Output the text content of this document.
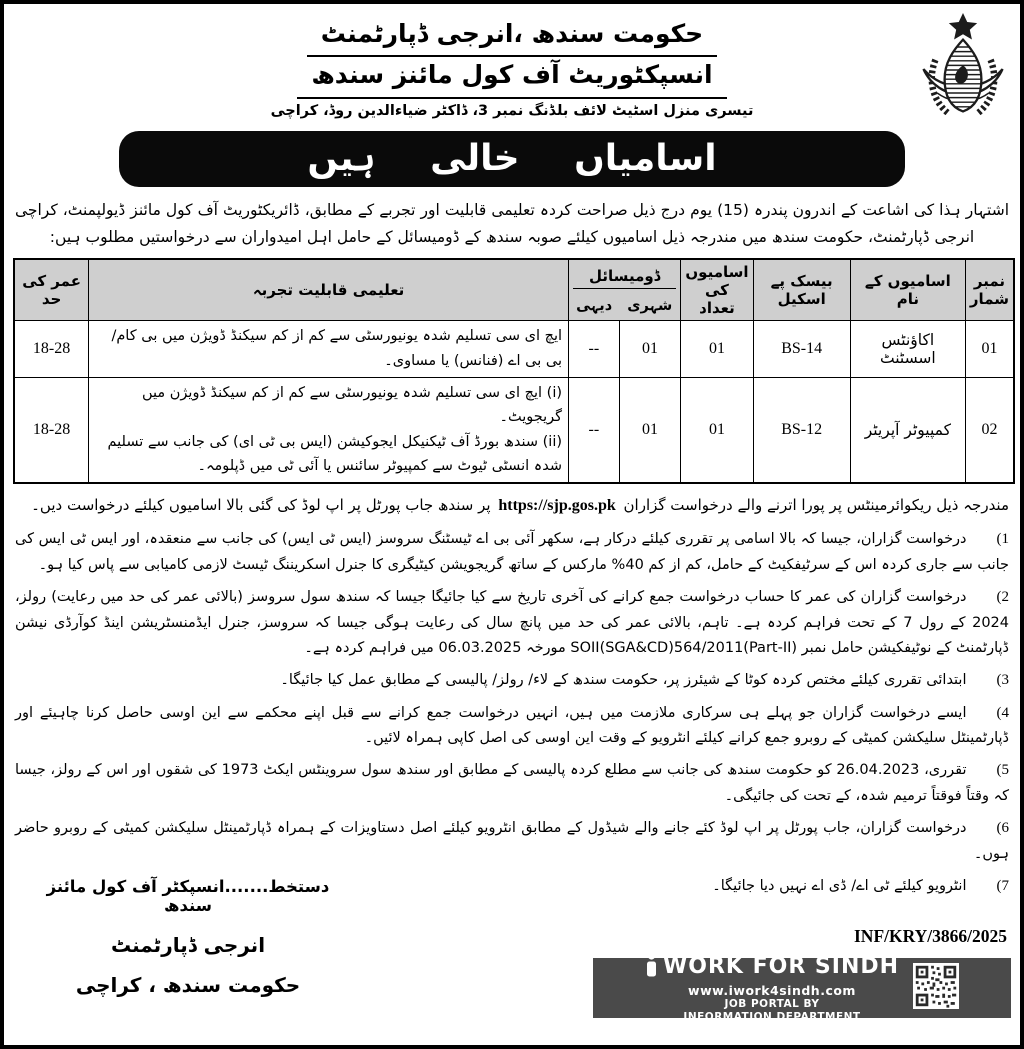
حکومت سندھ ،انرجی ڈپارٹمنٹ
انسپکٹوریٹ آف کول مائنز سندھ
تیسری منزل اسٹیٹ لائف بلڈنگ نمبر 3، ڈاکٹر ضیاءالدین روڈ، کراچی
اسامیاں خالی ہیں

اشتہار ہذا کی اشاعت کے اندرون پندرہ (15) یوم درج ذیل صراحت کردہ تعلیمی قابلیت اور تجربے کے مطابق، ڈائریکٹوریٹ آف کول مائنز ڈیولپمنٹ، کراچی انرجی ڈپارٹمنٹ، حکومت سندھ میں مندرجہ ذیل اسامیوں کیلئے صوبہ سندھ کے ڈومیسائل کے حامل اہل امیدواران سے درخواستیں مطلوب ہیں:

نمبر شمار	اسامیوں کے نام	بیسک پے اسکیل	اسامیوں کی تعداد	ڈومیسائل		تعلیمی قابلیت تجربہ	عمر کی حد
				شہری	دیہی		
01	اکاؤنٹس اسسٹنٹ	BS-14	01	01	--	ایچ ای سی تسلیم شدہ یونیورسٹی سے کم از کم سیکنڈ ڈویژن میں بی کام/ بی بی اے (فنانس) یا مساوی۔	18-28
02	کمپیوٹر آپریٹر	BS-12	01	01	--	(i) ایچ ای سی تسلیم شدہ یونیورسٹی سے کم از کم سیکنڈ ڈویژن میں گریجویٹ۔
(ii) سندھ بورڈ آف ٹیکنیکل ایجوکیشن (ایس بی ٹی ای) کی جانب سے تسلیم شدہ انسٹی ٹیوٹ سے کمپیوٹر سائنس یا آئی ٹی میں ڈپلومہ۔	18-28

مندرجہ ذیل ریکوائرمینٹس پر پورا اترنے والے درخواست گزاران https://sjp.gos.pk پر سندھ جاب پورٹل پر اپ لوڈ کی گئی بالا اسامیوں کیلئے درخواست دیں۔

(1درخواست گزاران، جیسا کہ بالا اسامی پر تقرری کیلئے درکار ہے، سکھر آئی بی اے ٹیسٹنگ سروسز (ایس ٹی ایس) کی جانب سے منعقدہ، اور ایس ٹی ایس کی جانب سے جاری کردہ اس کے سرٹیفکیٹ کے حامل، کم از کم 40% مارکس کے ساتھ گریجویشن کیٹیگری کا جنرل اسکریننگ ٹیسٹ لازمی کامیابی سے پاس کیا ہو۔

(2درخواست گزاران کی عمر کا حساب درخواست جمع کرانے کی آخری تاریخ سے کیا جائیگا جیسا کہ سندھ سول سروسز (بالائی عمر کی حد میں رعایت) رولز، 2024 کے رول 7 کے تحت فراہم کردہ ہے۔ تاہم، بالائی عمر کی حد میں پانچ سال کی رعایت ہوگی جیسا کہ سروسز، جنرل ایڈمنسٹریشن اینڈ کوآرڈی نیشن ڈپارٹمنٹ کے نوٹیفکیشن حامل نمبر ‎SOII(SGA&CD)564/2011(Part-II)‎ مورخہ 06.03.2025 میں فراہم کردہ ہے۔

(3ابتدائی تقرری کیلئے مختص کردہ کوٹا کے شیئرز پر، حکومت سندھ کے لاء/ رولز/ پالیسی کے مطابق عمل کیا جائیگا۔

(4ایسے درخواست گزاران جو پہلے ہی سرکاری ملازمت میں ہیں، انہیں درخواست جمع کرانے سے قبل اپنے محکمے سے این اوسی حاصل کرنا چاہیئے اور ڈپارٹمینٹل سلیکشن کمیٹی کے روبرو جمع کرانے کیلئے انٹرویو کے وقت این اوسی کی اصل کاپی ہمراہ لائیں۔

(5تقرری، 26.04.2023 کو حکومت سندھ کی جانب سے مطلع کردہ پالیسی کے مطابق اور سندھ سول سروینٹس ایکٹ 1973 کی شقوں اور اس کے رولز، جیسا کہ وقتاً فوقتاً ترمیم شدہ، کے تحت کی جائیگی۔

(6درخواست گزاران، جاب پورٹل پر اپ لوڈ کئے جانے والے شیڈول کے مطابق انٹرویو کیلئے اصل دستاویزات کے ہمراہ ڈپارٹمینٹل سلیکشن کمیٹی کے روبرو حاضر ہوں۔

(7انٹرویو کیلئے ٹی اے/ ڈی اے نہیں دیا جائیگا۔

دستخط.......انسپکٹر آف کول مائنز سندھ
انرجی ڈپارٹمنٹ
حکومت سندھ ، کراچی
INF/KRY/3866/2025
WORK FOR SINDH
www.iwork4sindh.com
JOB PORTAL BY
INFORMATION DEPARTMENT
